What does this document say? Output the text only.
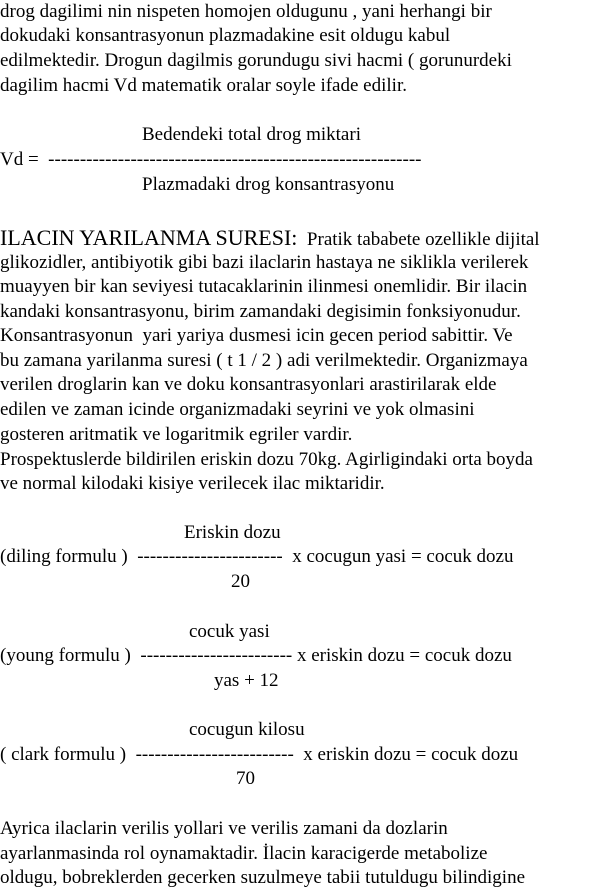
drog dagilimi nin nispeten homojen oldugunu , yani herhangi bir
dokudaki konsantrasyonun plazmadakine esit oldugu kabul
edilmektedir. Drogun dagilmis gorundugu sivi hacmi ( gorunurdeki
dagilim hacmi Vd matematik oralar soyle ifade edilir.
Bedendeki total drog miktari
Vd =  -----------------------------------------------------------
Plazmadaki drog konsantrasyonu
ILACIN YARILANMA SURESI:  Pratik tababete ozellikle dijital
glikozidler, antibiyotik gibi bazi ilaclarin hastaya ne siklikla verilerek
muayyen bir kan seviyesi tutacaklarinin ilinmesi onemlidir. Bir ilacin
kandaki konsantrasyonu, birim zamandaki degisimin fonksiyonudur.
Konsantrasyonun  yari yariya dusmesi icin gecen period sabittir. Ve
bu zamana yarilanma suresi ( t 1 / 2 ) adi verilmektedir. Organizmaya
verilen droglarin kan ve doku konsantrasyonlari arastirilarak elde
edilen ve zaman icinde organizmadaki seyrini ve yok olmasini
gosteren aritmatik ve logaritmik egriler vardir.
Prospektuslerde bildirilen eriskin dozu 70kg. Agirligindaki orta boyda
ve normal kilodaki kisiye verilecek ilac miktaridir.
Eriskin dozu
(diling formulu )  -----------------------  x cocugun yasi = cocuk dozu
20
cocuk yasi
(young formulu )  ------------------------ x eriskin dozu = cocuk dozu
yas + 12
cocugun kilosu
( clark formulu )  -------------------------  x eriskin dozu = cocuk dozu
70
Ayrica ilaclarin verilis yollari ve verilis zamani da dozlarin
ayarlanmasinda rol oynamaktadir. İlacin karacigerde metabolize
oldugu, bobreklerden gecerken suzulmeye tabii tutuldugu bilindigine
